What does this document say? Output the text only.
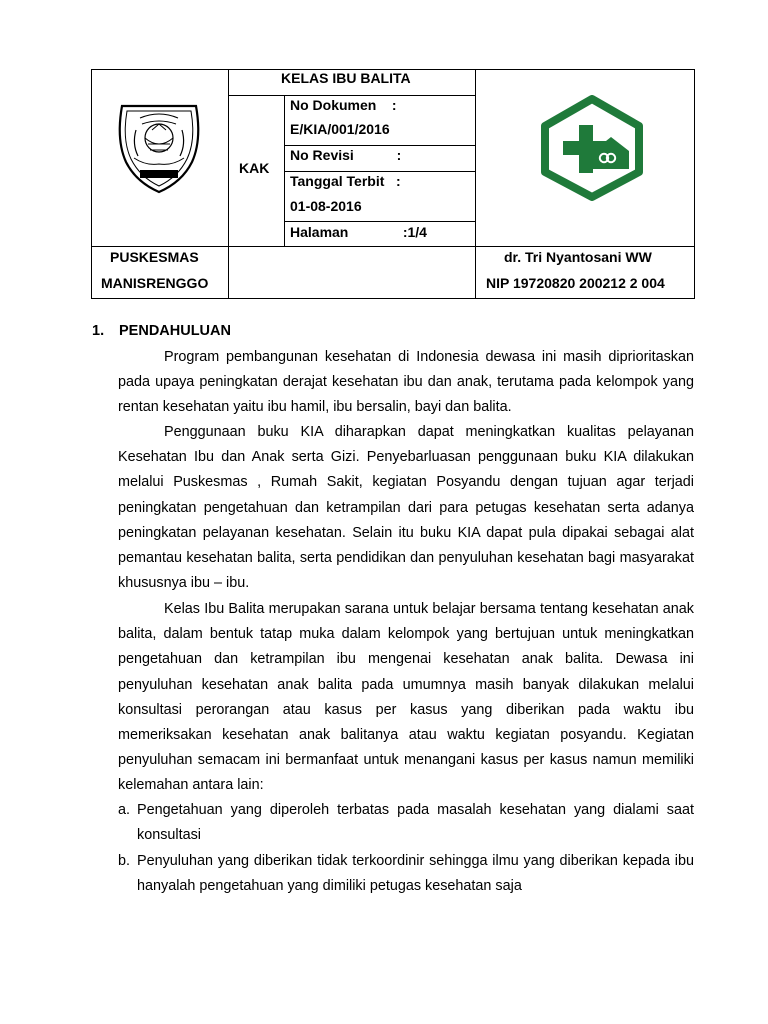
KELAS IBU BALITA
KAK
No Dokumen    :
E/KIA/001/2016
No Revisi           :
Tanggal Terbit   :
01-08-2016
Halaman              :1/4
PUSKESMAS
MANISRENGGO
dr. Tri Nyantosani WW
NIP 19720820 200212 2 004
1. PENDAHULUAN
Program pembangunan kesehatan di Indonesia dewasa ini masih diprioritaskan pada upaya peningkatan derajat kesehatan ibu dan anak, terutama pada kelompok yang rentan kesehatan yaitu ibu hamil, ibu bersalin, bayi dan balita.
Penggunaan buku KIA diharapkan dapat meningkatkan kualitas pelayanan Kesehatan Ibu dan Anak serta Gizi. Penyebarluasan penggunaan buku KIA dilakukan melalui Puskesmas , Rumah Sakit, kegiatan Posyandu dengan tujuan agar terjadi peningkatan pengetahuan dan ketrampilan dari para petugas kesehatan serta adanya peningkatan pelayanan kesehatan. Selain itu buku KIA dapat pula dipakai sebagai alat pemantau kesehatan balita, serta pendidikan dan penyuluhan kesehatan bagi masyarakat khususnya ibu – ibu.
Kelas Ibu Balita merupakan sarana untuk belajar bersama tentang kesehatan anak balita, dalam bentuk tatap muka dalam kelompok yang bertujuan untuk meningkatkan pengetahuan dan ketrampilan ibu mengenai kesehatan anak balita. Dewasa ini penyuluhan kesehatan anak balita pada umumnya masih banyak dilakukan melalui konsultasi perorangan atau kasus per kasus yang diberikan pada waktu ibu memeriksakan kesehatan anak balitanya atau waktu kegiatan posyandu. Kegiatan penyuluhan semacam ini bermanfaat untuk menangani kasus per kasus namun memiliki kelemahan antara lain:
a. Pengetahuan yang diperoleh terbatas pada masalah kesehatan yang dialami saat konsultasi
b. Penyuluhan yang diberikan tidak terkoordinir sehingga ilmu yang diberikan kepada ibu hanyalah pengetahuan yang dimiliki petugas kesehatan saja
